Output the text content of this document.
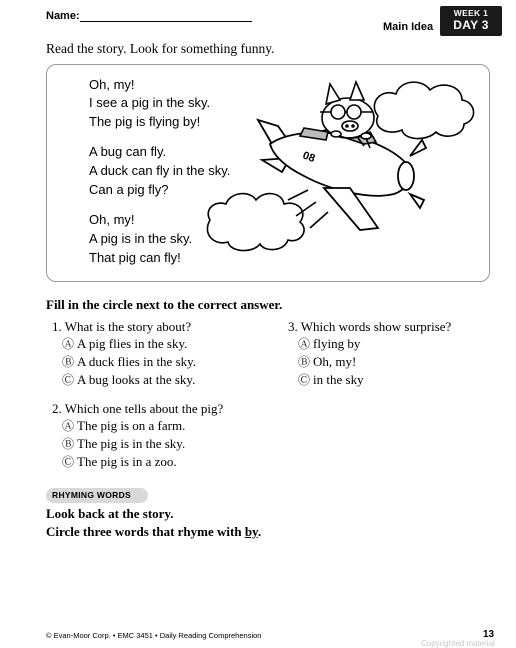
Name:
Main Idea
WEEK 1
DAY 3
Read the story. Look for something funny.
Oh, my!
I see a pig in the sky.
The pig is flying by!
A bug can fly.
A duck can fly in the sky.
Can a pig fly?
Oh, my!
A pig is in the sky.
That pig can fly!
08
Fill in the circle next to the correct answer.
1. What is the story about?
Ⓐ A pig flies in the sky.
Ⓑ A duck flies in the sky.
Ⓒ A bug looks at the sky.
2. Which one tells about the pig?
Ⓐ The pig is on a farm.
Ⓑ The pig is in the sky.
Ⓒ The pig is in a zoo.
3. Which words show surprise?
Ⓐ flying by
Ⓑ Oh, my!
Ⓒ in the sky
RHYMING WORDS
Look back at the story.
Circle three words that rhyme with by.
© Evan-Moor Corp. • EMC 3451 • Daily Reading Comprehension	13
Copyrighted material
